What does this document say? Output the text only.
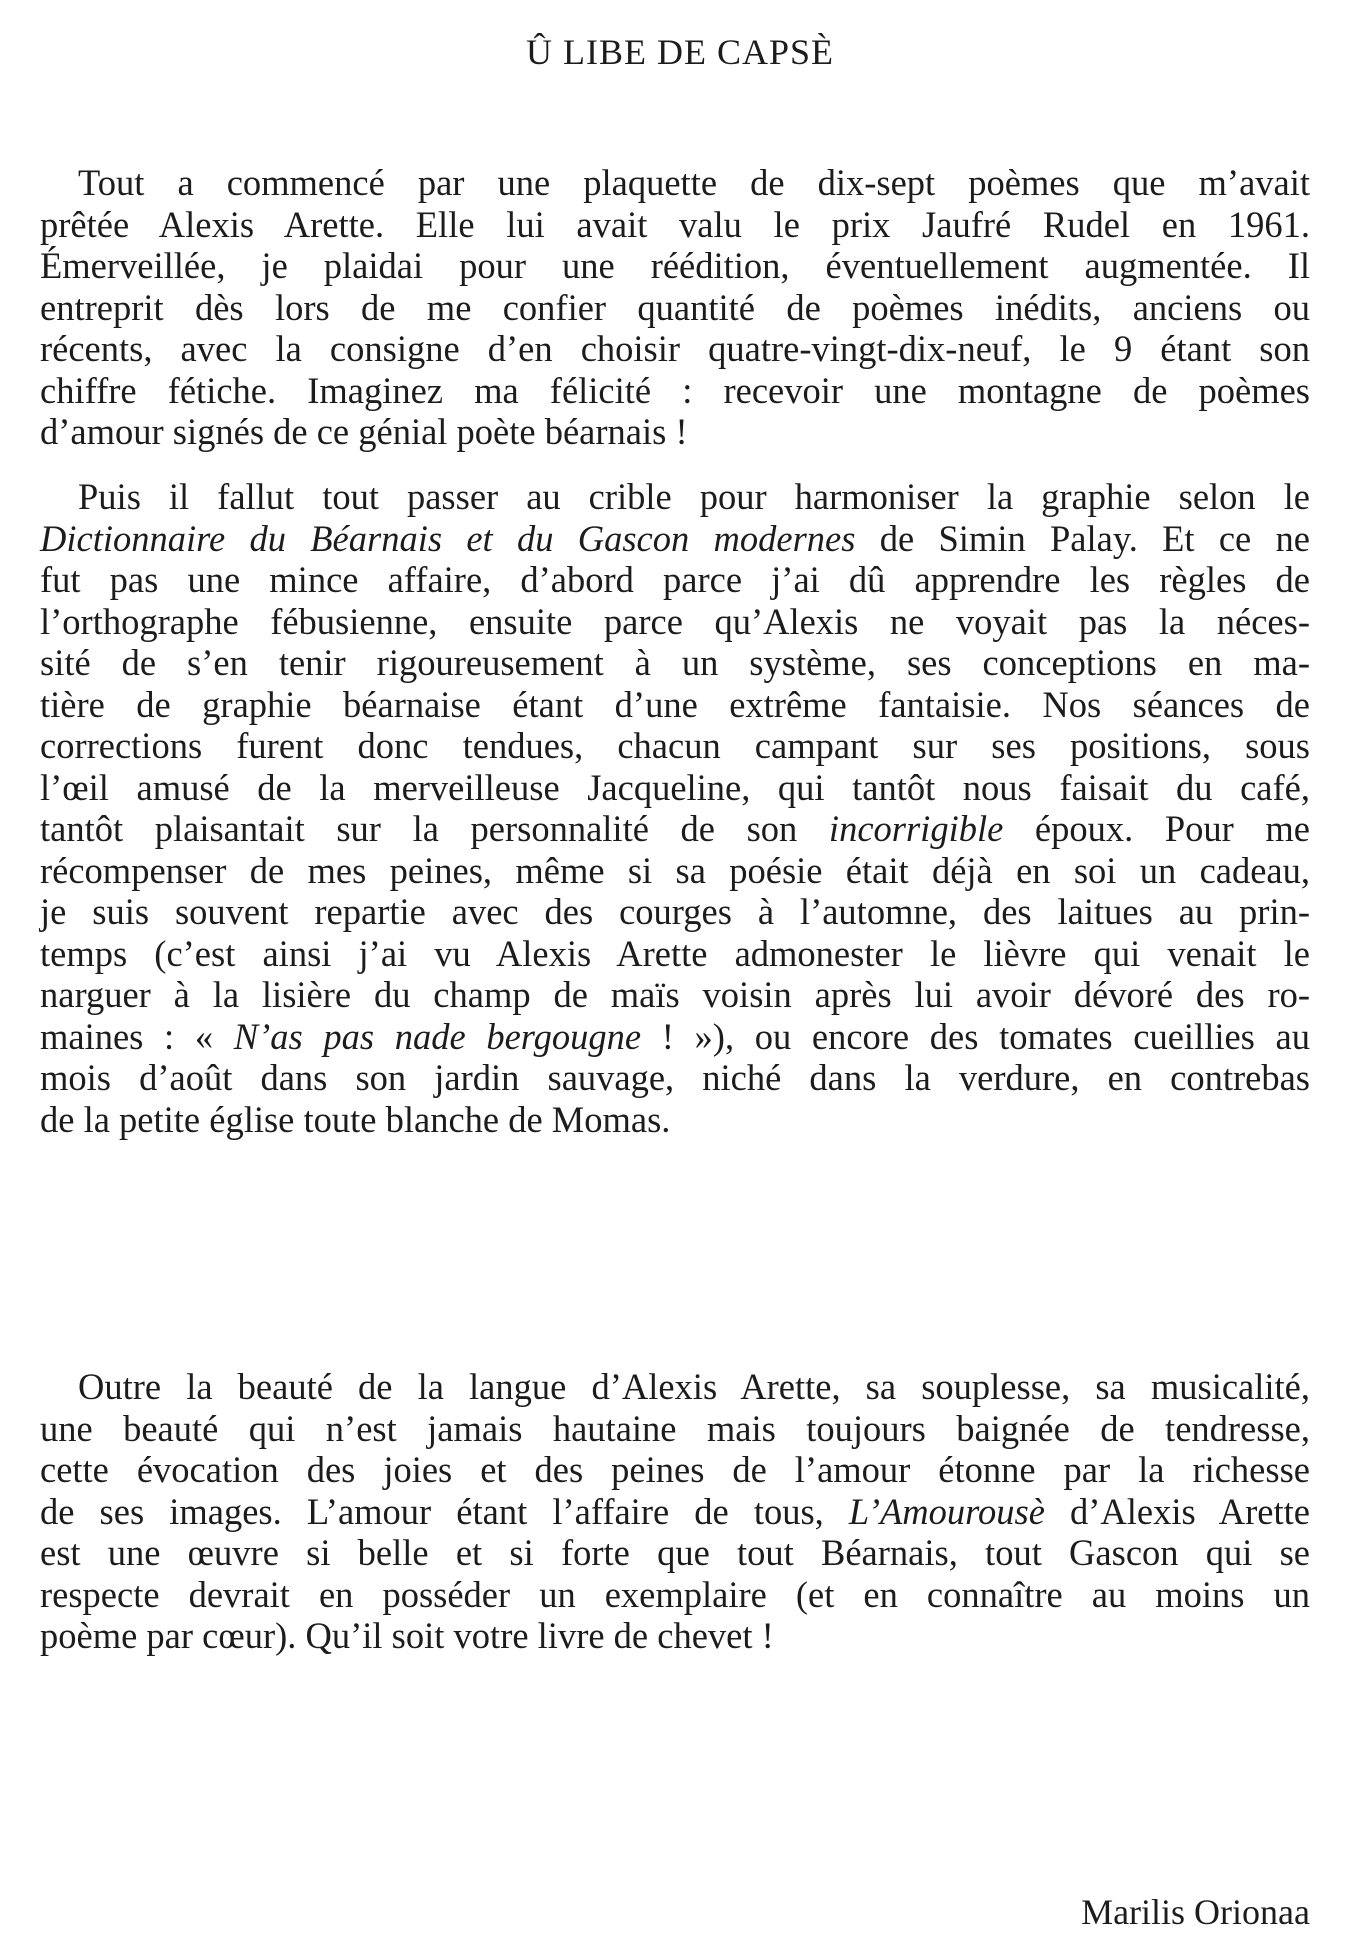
Û LIBE DE CAPSÈ
Tout a commencé par une plaquette de dix-sept poèmes que m’avait
prêtée Alexis Arette. Elle lui avait valu le prix Jaufré Rudel en 1961.
Émerveillée, je plaidai pour une réédition, éventuellement augmentée. Il
entreprit dès lors de me confier quantité de poèmes inédits, anciens ou
récents, avec la consigne d’en choisir quatre-vingt-dix-neuf, le 9 étant son
chiffre fétiche. Imaginez ma félicité : recevoir une montagne de poèmes
d’amour signés de ce génial poète béarnais !
Puis il fallut tout passer au crible pour harmoniser la graphie selon le
Dictionnaire du Béarnais et du Gascon modernes de Simin Palay. Et ce ne
fut pas une mince affaire, d’abord parce j’ai dû apprendre les règles de
l’orthographe fébusienne, ensuite parce qu’Alexis ne voyait pas la néces-
sité de s’en tenir rigoureusement à un système, ses conceptions en ma-
tière de graphie béarnaise étant d’une extrême fantaisie. Nos séances de
corrections furent donc tendues, chacun campant sur ses positions, sous
l’œil amusé de la merveilleuse Jacqueline, qui tantôt nous faisait du café,
tantôt plaisantait sur la personnalité de son incorrigible époux. Pour me
récompenser de mes peines, même si sa poésie était déjà en soi un cadeau,
je suis souvent repartie avec des courges à l’automne, des laitues au prin-
temps (c’est ainsi j’ai vu Alexis Arette admonester le lièvre qui venait le
narguer à la lisière du champ de maïs voisin après lui avoir dévoré des ro-
maines : « N’as pas nade bergougne ! »), ou encore des tomates cueillies au
mois d’août dans son jardin sauvage, niché dans la verdure, en contrebas
de la petite église toute blanche de Momas.
Outre la beauté de la langue d’Alexis Arette, sa souplesse, sa musicalité,
une beauté qui n’est jamais hautaine mais toujours baignée de tendresse,
cette évocation des joies et des peines de l’amour étonne par la richesse
de ses images. L’amour étant l’affaire de tous, L’Amourousè d’Alexis Arette
est une œuvre si belle et si forte que tout Béarnais, tout Gascon qui se
respecte devrait en posséder un exemplaire (et en connaître au moins un
poème par cœur). Qu’il soit votre livre de chevet !

Marilis Orionaa
